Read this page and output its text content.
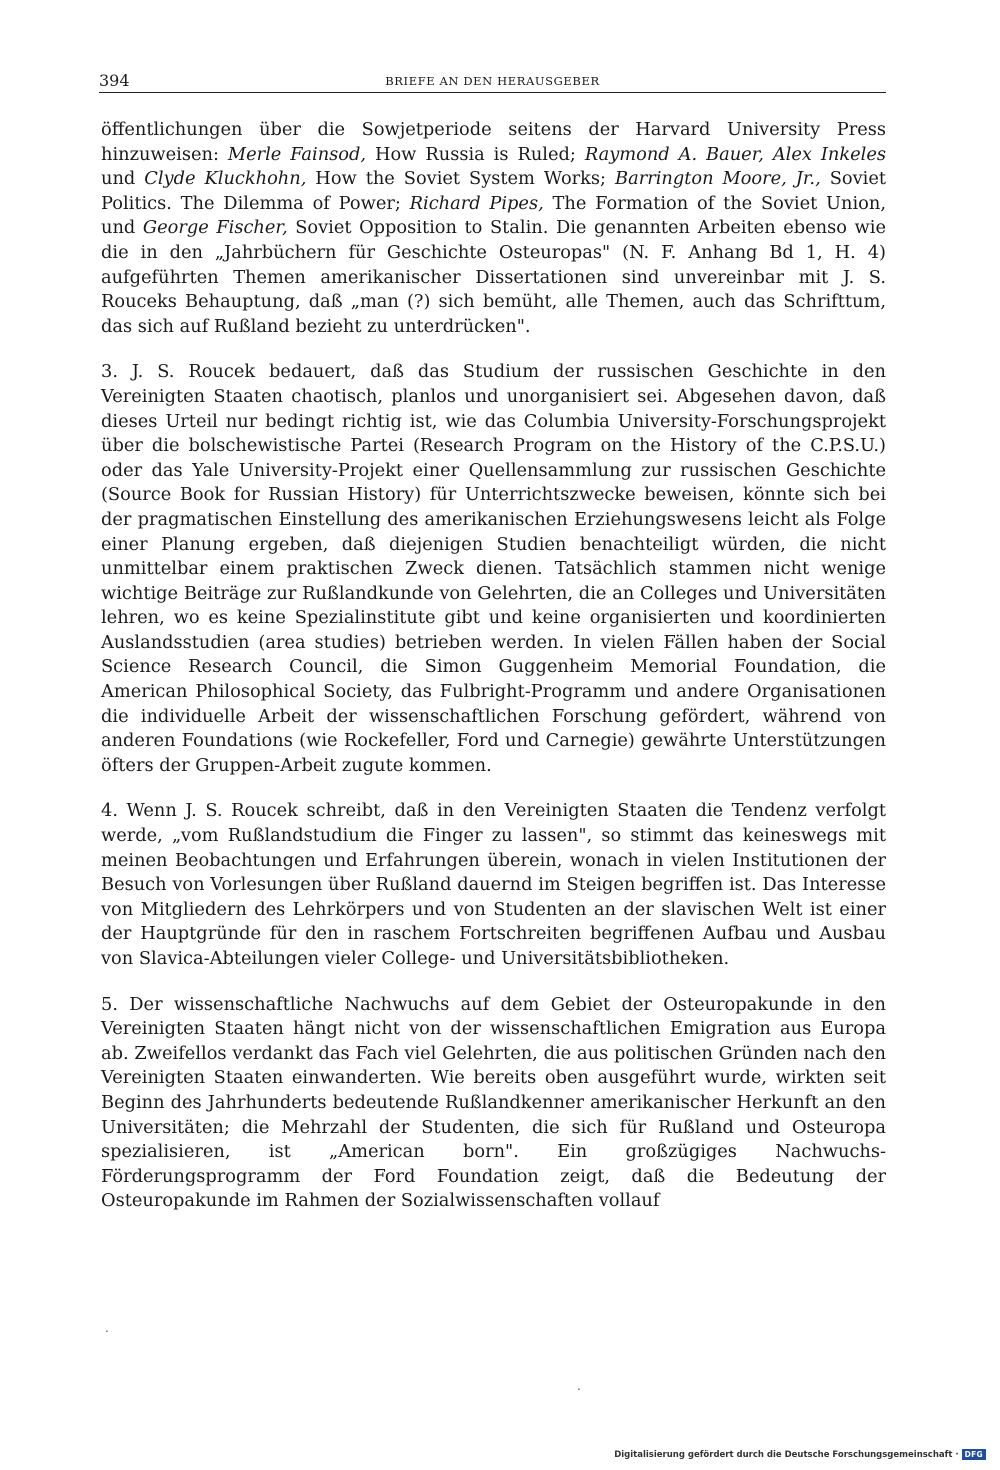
394	BRIEFE AN DEN HERAUSGEBER

öffentlichungen über die Sowjetperiode seitens der Harvard University Press hinzuweisen: Merle Fainsod, How Russia is Ruled; Raymond A. Bauer, Alex Inkeles und Clyde Kluckhohn, How the Soviet System Works; Barrington Moore, Jr., Soviet Politics. The Dilemma of Power; Richard Pipes, The Formation of the Soviet Union, und George Fischer, Soviet Opposition to Stalin. Die genannten Arbeiten ebenso wie die in den „Jahrbüchern für Geschichte Osteuropas" (N. F. Anhang Bd 1, H. 4) aufgeführten Themen amerikanischer Dissertationen sind unvereinbar mit J. S. Rouceks Behauptung, daß „man (?) sich bemüht, alle Themen, auch das Schrifttum, das sich auf Rußland bezieht zu unterdrücken".

3. J. S. Roucek bedauert, daß das Studium der russischen Geschichte in den Vereinigten Staaten chaotisch, planlos und unorganisiert sei. Abgesehen davon, daß dieses Urteil nur bedingt richtig ist, wie das Columbia University-Forschungsprojekt über die bolschewistische Partei (Research Program on the History of the C.P.S.U.) oder das Yale University-Projekt einer Quellensammlung zur russischen Geschichte (Source Book for Russian History) für Unterrichtszwecke beweisen, könnte sich bei der pragmatischen Einstellung des amerikanischen Erziehungswesens leicht als Folge einer Planung ergeben, daß diejenigen Studien benachteiligt würden, die nicht unmittelbar einem praktischen Zweck dienen. Tatsächlich stammen nicht wenige wichtige Beiträge zur Rußlandkunde von Gelehrten, die an Colleges und Universitäten lehren, wo es keine Spezialinstitute gibt und keine organisierten und koordinierten Auslandsstudien (area studies) betrieben werden. In vielen Fällen haben der Social Science Research Council, die Simon Guggenheim Memorial Foundation, die American Philosophical Society, das Fulbright-Programm und andere Organisationen die individuelle Arbeit der wissenschaftlichen Forschung gefördert, während von anderen Foundations (wie Rockefeller, Ford und Carnegie) gewährte Unterstützungen öfters der Gruppen-Arbeit zugute kommen.

4. Wenn J. S. Roucek schreibt, daß in den Vereinigten Staaten die Tendenz verfolgt werde, „vom Rußlandstudium die Finger zu lassen", so stimmt das keineswegs mit meinen Beobachtungen und Erfahrungen überein, wonach in vielen Institutionen der Besuch von Vorlesungen über Rußland dauernd im Steigen begriffen ist. Das Interesse von Mitgliedern des Lehrkörpers und von Studenten an der slavischen Welt ist einer der Hauptgründe für den in raschem Fortschreiten begriffenen Aufbau und Ausbau von Slavica-Abteilungen vieler College- und Universitätsbibliotheken.

5. Der wissenschaftliche Nachwuchs auf dem Gebiet der Osteuropakunde in den Vereinigten Staaten hängt nicht von der wissenschaftlichen Emigration aus Europa ab. Zweifellos verdankt das Fach viel Gelehrten, die aus politischen Gründen nach den Vereinigten Staaten einwanderten. Wie bereits oben ausgeführt wurde, wirkten seit Beginn des Jahrhunderts bedeutende Rußlandkenner amerikanischer Herkunft an den Universitäten; die Mehrzahl der Studenten, die sich für Rußland und Osteuropa spezialisieren, ist „American born". Ein großzügiges Nachwuchs-Förderungsprogramm der Ford Foundation zeigt, daß die Bedeutung der Osteuropakunde im Rahmen der Sozialwissenschaften vollauf

.
.
Digitalisierung gefördert durch die Deutsche Forschungsgemeinschaft · DFG
